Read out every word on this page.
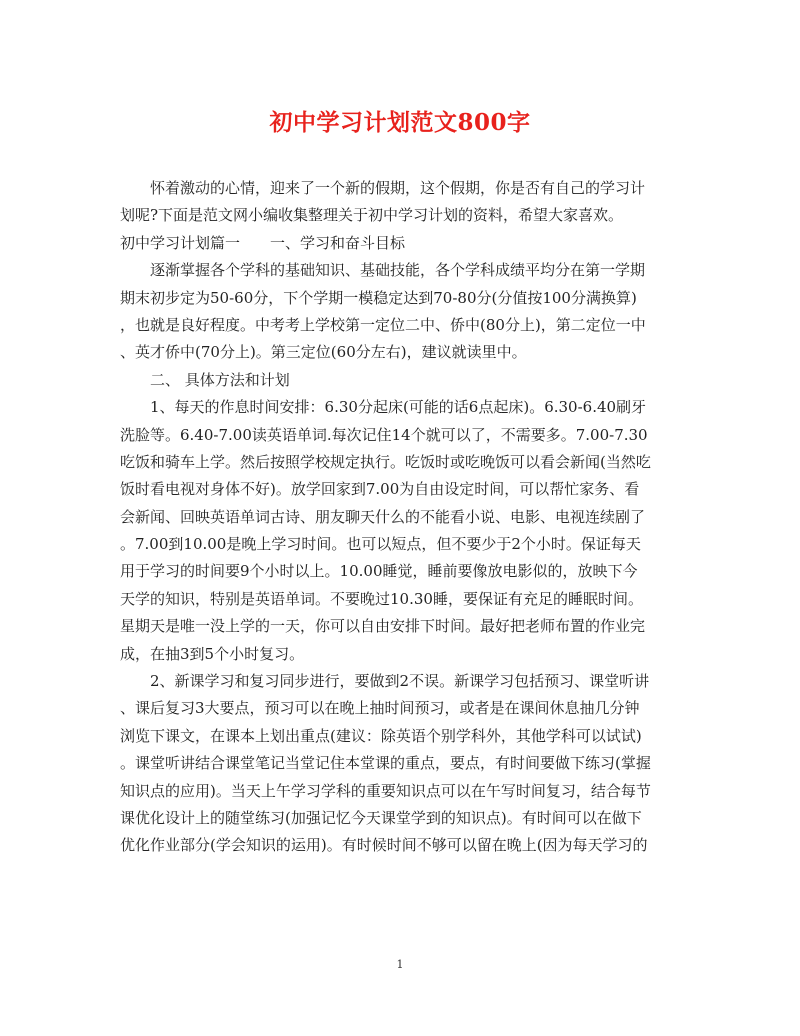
初中学习计划范文800字
　　怀着激动的心情，迎来了一个新的假期，这个假期，你是否有自己的学习计
划呢?下面是范文网小编收集整理关于初中学习计划的资料，希望大家喜欢。
初中学习计划篇一　　一、学习和奋斗目标
　　逐渐掌握各个学科的基础知识、基础技能，各个学科成绩平均分在第一学期
期末初步定为50-60分，下个学期一模稳定达到70-80分(分值按100分满换算)
，也就是良好程度。中考考上学校第一定位二中、侨中(80分上)，第二定位一中
、英才侨中(70分上)。第三定位(60分左右)，建议就读里中。
　　二、 具体方法和计划
　　1、每天的作息时间安排：6.30分起床(可能的话6点起床)。6.30-6.40刷牙
洗脸等。6.40-7.00读英语单词.每次记住14个就可以了，不需要多。7.00-7.30
吃饭和骑车上学。然后按照学校规定执行。吃饭时或吃晚饭可以看会新闻(当然吃
饭时看电视对身体不好)。放学回家到7.00为自由设定时间，可以帮忙家务、看
会新闻、回映英语单词古诗、朋友聊天什么的不能看小说、电影、电视连续剧了
。7.00到10.00是晚上学习时间。也可以短点，但不要少于2个小时。保证每天
用于学习的时间要9个小时以上。10.00睡觉，睡前要像放电影似的，放映下今
天学的知识，特别是英语单词。不要晚过10.30睡，要保证有充足的睡眠时间。
星期天是唯一没上学的一天，你可以自由安排下时间。最好把老师布置的作业完
成，在抽3到5个小时复习。
　　2、新课学习和复习同步进行，要做到2不误。新课学习包括预习、课堂听讲
、课后复习3大要点，预习可以在晚上抽时间预习，或者是在课间休息抽几分钟
浏览下课文，在课本上划出重点(建议：除英语个别学科外，其他学科可以试试)
。课堂听讲结合课堂笔记当堂记住本堂课的重点，要点，有时间要做下练习(掌握
知识点的应用)。当天上午学习学科的重要知识点可以在午写时间复习，结合每节
课优化设计上的随堂练习(加强记忆今天课堂学到的知识点)。有时间可以在做下
优化作业部分(学会知识的运用)。有时候时间不够可以留在晚上(因为每天学习的
1
